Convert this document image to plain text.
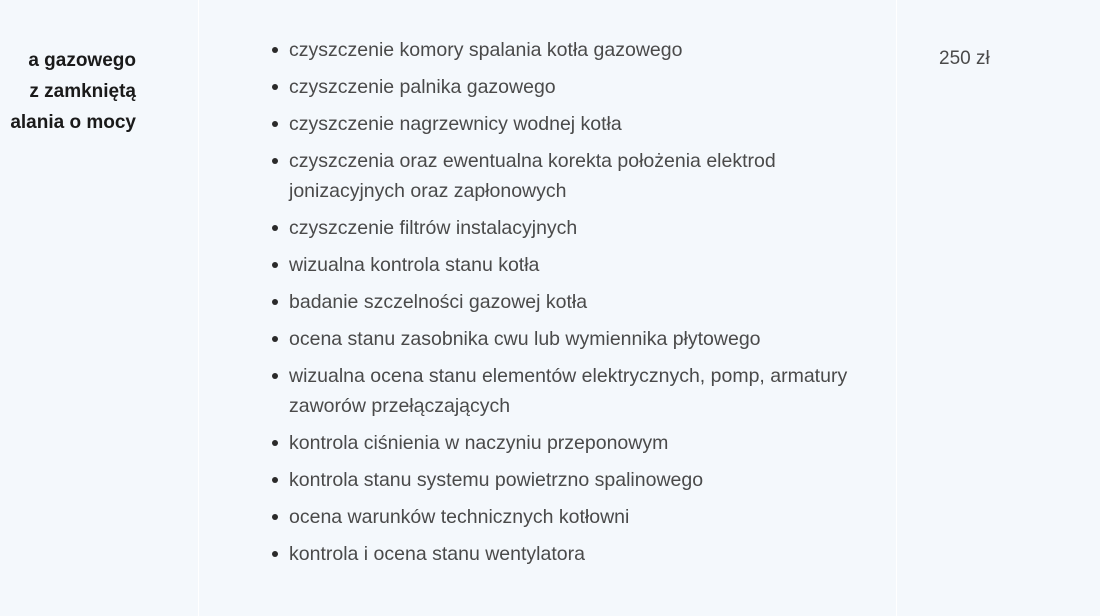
a gazowego
z zamkniętą
alania o mocy
czyszczenie komory spalania kotła gazowego
czyszczenie palnika gazowego
czyszczenie nagrzewnicy wodnej kotła
czyszczenia oraz ewentualna korekta położenia elektrod jonizacyjnych oraz zapłonowych
czyszczenie filtrów instalacyjnych
wizualna kontrola stanu kotła
badanie szczelności gazowej kotła
ocena stanu zasobnika cwu lub wymiennika płytowego
wizualna ocena stanu elementów elektrycznych, pomp, armatury zaworów przełączających
kontrola ciśnienia w naczyniu przeponowym
kontrola stanu systemu powietrzno spalinowego
ocena warunków technicznych kotłowni
kontrola i ocena stanu wentylatora
250 zł
